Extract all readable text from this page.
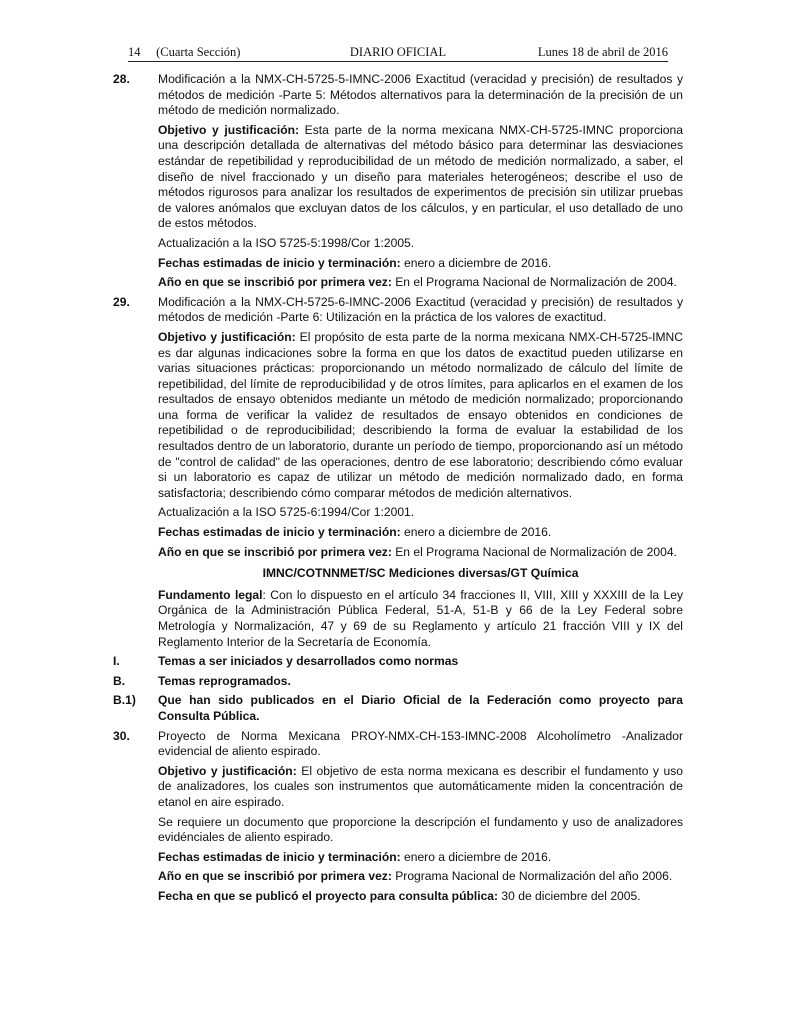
14     (Cuarta Sección)	DIARIO OFICIAL	Lunes 18 de abril de 2016
28. Modificación a la NMX-CH-5725-5-IMNC-2006 Exactitud (veracidad y precisión) de resultados y métodos de medición -Parte 5: Métodos alternativos para la determinación de la precisión de un método de medición normalizado.
Objetivo y justificación: Esta parte de la norma mexicana NMX-CH-5725-IMNC proporciona una descripción detallada de alternativas del método básico para determinar las desviaciones estándar de repetibilidad y reproducibilidad de un método de medición normalizado, a saber, el diseño de nivel fraccionado y un diseño para materiales heterogéneos; describe el uso de métodos rigurosos para analizar los resultados de experimentos de precisión sin utilizar pruebas de valores anómalos que excluyan datos de los cálculos, y en particular, el uso detallado de uno de estos métodos.
Actualización a la ISO 5725-5:1998/Cor 1:2005.
Fechas estimadas de inicio y terminación: enero a diciembre de 2016.
Año en que se inscribió por primera vez: En el Programa Nacional de Normalización de 2004.
29. Modificación a la NMX-CH-5725-6-IMNC-2006 Exactitud (veracidad y precisión) de resultados y métodos de medición -Parte 6: Utilización en la práctica de los valores de exactitud.
Objetivo y justificación: El propósito de esta parte de la norma mexicana NMX-CH-5725-IMNC es dar algunas indicaciones sobre la forma en que los datos de exactitud pueden utilizarse en varias situaciones prácticas: proporcionando un método normalizado de cálculo del límite de repetibilidad, del límite de reproducibilidad y de otros límites, para aplicarlos en el examen de los resultados de ensayo obtenidos mediante un método de medición normalizado; proporcionando una forma de verificar la validez de resultados de ensayo obtenidos en condiciones de repetibilidad o de reproducibilidad; describiendo la forma de evaluar la estabilidad de los resultados dentro de un laboratorio, durante un período de tiempo, proporcionando así un método de "control de calidad" de las operaciones, dentro de ese laboratorio; describiendo cómo evaluar si un laboratorio es capaz de utilizar un método de medición normalizado dado, en forma satisfactoria; describiendo cómo comparar métodos de medición alternativos.
Actualización a la ISO 5725-6:1994/Cor 1:2001.
Fechas estimadas de inicio y terminación: enero a diciembre de 2016.
Año en que se inscribió por primera vez: En el Programa Nacional de Normalización de 2004.
IMNC/COTNNMET/SC Mediciones diversas/GT Química
Fundamento legal: Con lo dispuesto en el artículo 34 fracciones II, VIII, XIII y XXXIII de la Ley Orgánica de la Administración Pública Federal, 51-A, 51-B y 66 de la Ley Federal sobre Metrología y Normalización, 47 y 69 de su Reglamento y artículo 21 fracción VIII y IX del Reglamento Interior de la Secretaría de Economía.
I.	Temas a ser iniciados y desarrollados como normas
B.	Temas reprogramados.
B.1) Que han sido publicados en el Diario Oficial de la Federación como proyecto para Consulta Pública.
30. Proyecto de Norma Mexicana PROY-NMX-CH-153-IMNC-2008 Alcoholímetro -Analizador evidencial de aliento espirado.
Objetivo y justificación: El objetivo de esta norma mexicana es describir el fundamento y uso de analizadores, los cuales son instrumentos que automáticamente miden la concentración de etanol en aire espirado.
Se requiere un documento que proporcione la descripción el fundamento y uso de analizadores evidénciales de aliento espirado.
Fechas estimadas de inicio y terminación: enero a diciembre de 2016.
Año en que se inscribió por primera vez: Programa Nacional de Normalización del año 2006.
Fecha en que se publicó el proyecto para consulta pública: 30 de diciembre del 2005.
